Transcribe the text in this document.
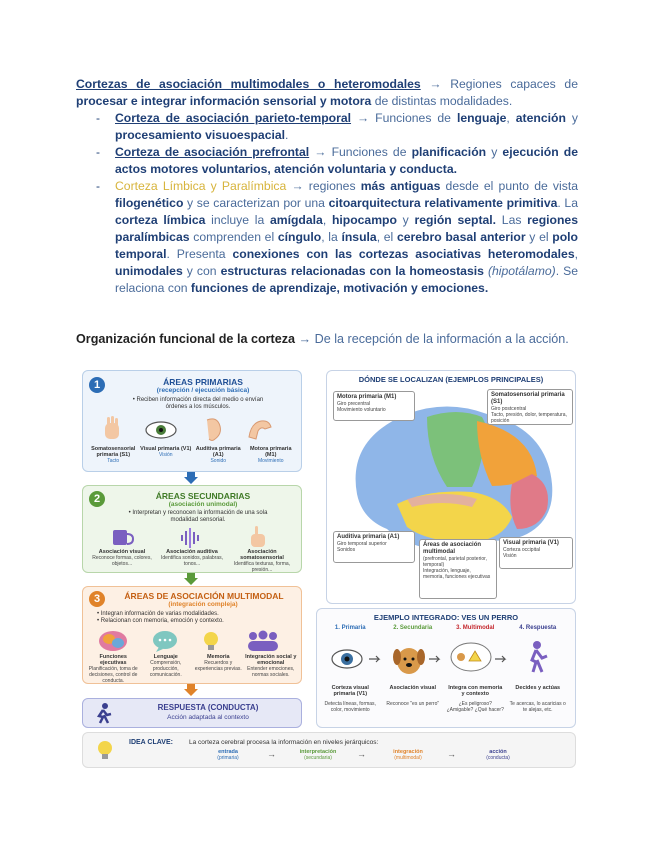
Cortezas de asociación multimodales o heteromodales → Regiones capaces de procesar e integrar información sensorial y motora de distintas modalidades.
- Corteza de asociación parieto-temporal → Funciones de lenguaje, atención y procesamiento visuoespacial.
- Corteza de asociación prefrontal → Funciones de planificación y ejecución de actos motores voluntarios, atención voluntaria y conducta.
- Corteza Límbica y Paralímbica → regiones más antiguas desde el punto de vista filogenético y se caracterizan por una citoarquitectura relativamente primitiva. La corteza límbica incluye la amígdala, hipocampo y región septal. Las regiones paralímbicas comprenden el cíngulo, la ínsula, el cerebro basal anterior y el polo temporal. Presenta conexiones con las cortezas asociativas heteromodales, unimodales y con estructuras relacionadas con la homeostasis (hipotálamo). Se relaciona con funciones de aprendizaje, motivación y emociones.
Organización funcional de la corteza → De la recepción de la información a la acción.
1	ÁREAS PRIMARIAS
(recepción / ejecución básica)
• Reciben información directa del medio o envían órdenes a los músculos.
Somatosensorial primaria (S1)
Tacto
Visual primaria (V1)
Visión
Auditiva primaria (A1)
Sonido
Motora primaria (M1)
Movimiento
2	ÁREAS SECUNDARIAS
(asociación unimodal)
• Interpretan y reconocen la información de una sola modalidad sensorial.
Asociación visual
Reconoce formas, colores, objetos...
Asociación auditiva
Identifica sonidos, palabras, tonos...
Asociación somatosensorial
Identifica texturas, forma, presión...
3	ÁREAS DE ASOCIACIÓN MULTIMODAL
(integración compleja)
• Integran información de varias modalidades.
• Relacionan con memoria, emoción y contexto.
Funciones ejecutivas
Planificación, toma de decisiones, control de conducta.
Lenguaje
Comprensión, producción, comunicación.
Memoria
Recuerdos y experiencias previas.
Integración social y emocional
Entender emociones, normas sociales.
RESPUESTA (CONDUCTA)
Acción adaptada al contexto
DÓNDE SE LOCALIZAN (EJEMPLOS PRINCIPALES)
Motora primaria (M1)
Giro precentral
Movimiento voluntario
Somatosensorial primaria (S1)
Giro postcentral
Tacto, presión, dolor, temperatura, posición
Auditiva primaria (A1)
Giro temporal superior
Sonidos
Áreas de asociación multimodal
(prefrontal, parietal posterior, temporal)
Integración, lenguaje, memoria, funciones ejecutivas
Visual primaria (V1)
Corteza occipital
Visión
EJEMPLO INTEGRADO: VES UN PERRO
1. Primaria
Corteza visual primaria (V1)
Detecta líneas, formas, color, movimiento
2. Secundaria
Asociación visual
Reconoce "es un perro"
3. Multimodal
Integra con memoria y contexto
¿Es peligroso? ¿Amigable? ¿Qué hacer?
4. Respuesta
Decides y actúas
Te acercas, lo acaricias o te alejas, etc.
IDEA CLAVE: La corteza cerebral procesa la información en niveles jerárquicos:
entrada
(primaria)	→	interpretación
(secundaria)	→	integración
(multimodal)	→	acción
(conducta)
